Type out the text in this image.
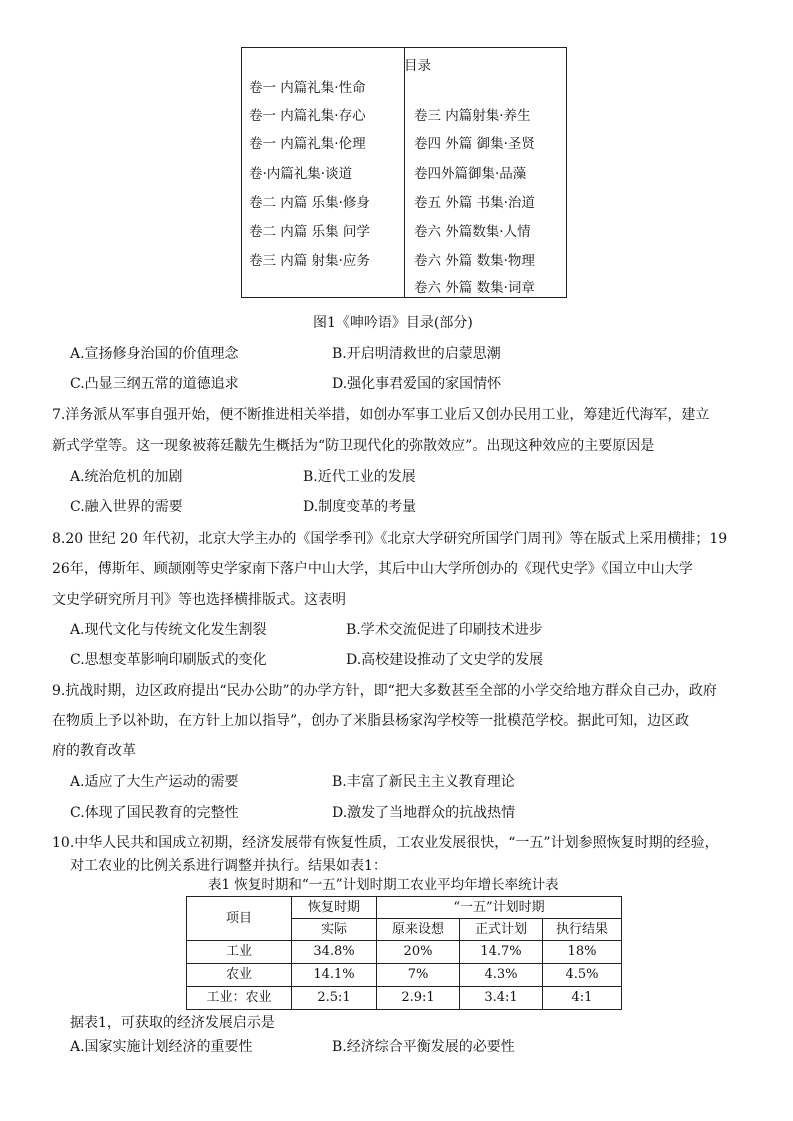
目录
卷一 内篇礼集·性命
卷一 内篇礼集·存心
卷一 内篇礼集·伦理
卷·内篇礼集·谈道
卷二 内篇 乐集·修身
卷二 内篇 乐集 问学
卷三 内篇 射集·应务
卷三 内篇射集·养生
卷四 外篇 御集·圣贤
卷四外篇御集·品藻
卷五 外篇 书集·治道
卷六 外篇数集·人情
卷六 外篇 数集·物理
卷六 外篇 数集·词章
图1《呻吟语》目录(部分)
A.宣扬修身治国的价值理念	B.开启明清救世的启蒙思潮
C.凸显三纲五常的道德追求	D.强化事君爱国的家国情怀
7.洋务派从军事自强开始，便不断推进相关举措，如创办军事工业后又创办民用工业，筹建近代海军，建立
新式学堂等。这一现象被蒋廷黻先生概括为“防卫现代化的弥散效应”。出现这种效应的主要原因是
A.统治危机的加剧	B.近代工业的发展
C.融入世界的需要	D.制度变革的考量
8.20 世纪 20 年代初，北京大学主办的《国学季刊》《北京大学研究所国学门周刊》等在版式上采用横排；19
26年，傅斯年、顾颉刚等史学家南下落户中山大学，其后中山大学所创办的《现代史学》《国立中山大学
文史学研究所月刊》等也选择横排版式。这表明
A.现代文化与传统文化发生割裂	B.学术交流促进了印刷技术进步
C.思想变革影响印刷版式的变化	D.高校建设推动了文史学的发展
9.抗战时期，边区政府提出“民办公助”的办学方针，即“把大多数甚至全部的小学交给地方群众自己办，政府
在物质上予以补助，在方针上加以指导”，创办了米脂县杨家沟学校等一批模范学校。据此可知，边区政
府的教育改革
A.适应了大生产运动的需要	B.丰富了新民主主义教育理论
C.体现了国民教育的完整性	D.激发了当地群众的抗战热情
10.中华人民共和国成立初期，经济发展带有恢复性质，工农业发展很快，“一五”计划参照恢复时期的经验，
对工农业的比例关系进行调整并执行。结果如表1：
表1 恢复时期和“一五”计划时期工农业平均年增长率统计表
项目	恢复时期	“一五”计划时期		
	实际	原来设想	正式计划	执行结果
工业	34.8%	20%	14.7%	18%
农业	14.1%	7%	4.3%	4.5%
工业：农业	2.5:1	2.9:1	3.4:1	4:1
据表1，可获取的经济发展启示是
A.国家实施计划经济的重要性	B.经济综合平衡发展的必要性
